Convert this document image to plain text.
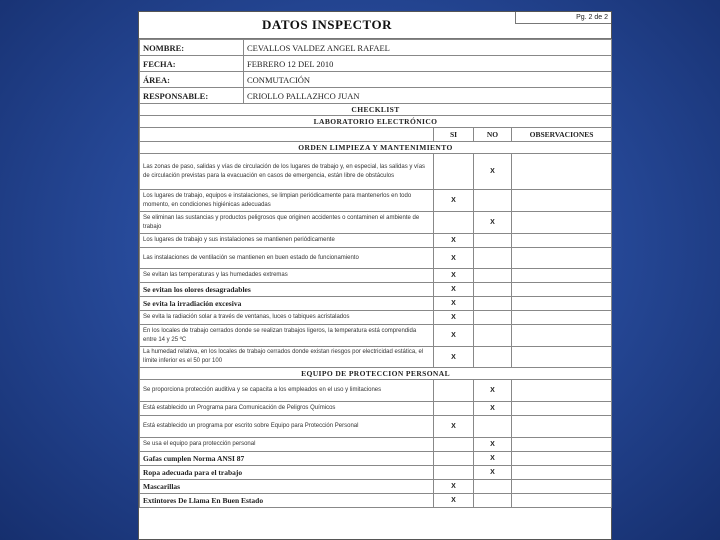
DATOS INSPECTOR	Pg. 2 de 2
NOMBRE:	CEVALLOS VALDEZ ANGEL RAFAEL			
FECHA:	FEBRERO 12 DEL 2010			
ÁREA:	CONMUTACIÓN			
RESPONSABLE:	CRIOLLO PALLAZHCO JUAN			
CHECKLIST				
LABORATORIO ELECTRÓNICO				
		SI	NO	OBSERVACIONES
ORDEN LIMPIEZA Y MANTENIMIENTO				
Las zonas de paso, salidas y vías de circulación de los lugares de trabajo y, en especial, las salidas y vías de circulación previstas para la evacuación en casos de emergencia, están libre de obstáculos			X	
Los lugares de trabajo, equipos e instalaciones, se limpian periódicamente para mantenerlos en todo momento, en condiciones higiénicas adecuadas		X		
Se eliminan las sustancias y productos peligrosos que originen accidentes o contaminen el ambiente de trabajo			X	
Los lugares de trabajo y sus instalaciones se mantienen periódicamente		X		
Las instalaciones de ventilación se mantienen en buen estado de funcionamiento		X		
Se evitan las temperaturas y las humedades extremas		X		
Se evitan los olores desagradables		X		
Se evita la irradiación excesiva		X		
Se evita la radiación solar a través de ventanas, luces o tabiques acristalados		X		
En los locales de trabajo cerrados donde se realizan trabajos ligeros, la temperatura está comprendida entre 14 y 25 ºC		X		
La humedad relativa, en los locales de trabajo cerrados donde existan riesgos por electricidad estática, el límite inferior es el 50 por 100		X		
EQUIPO DE PROTECCION PERSONAL				
Se proporciona protección auditiva y se capacita a los empleados en el uso y limitaciones			X	
Está establecido un Programa para Comunicación de Peligros Químicos			X	
Está establecido un programa por escrito sobre Equipo para Protección Personal		X		
Se usa el equipo para protección personal			X	
Gafas cumplen Norma ANSI 87			X	
Ropa adecuada para el trabajo			X	
Mascarillas		X		
Extintores De Llama En Buen Estado		X		
